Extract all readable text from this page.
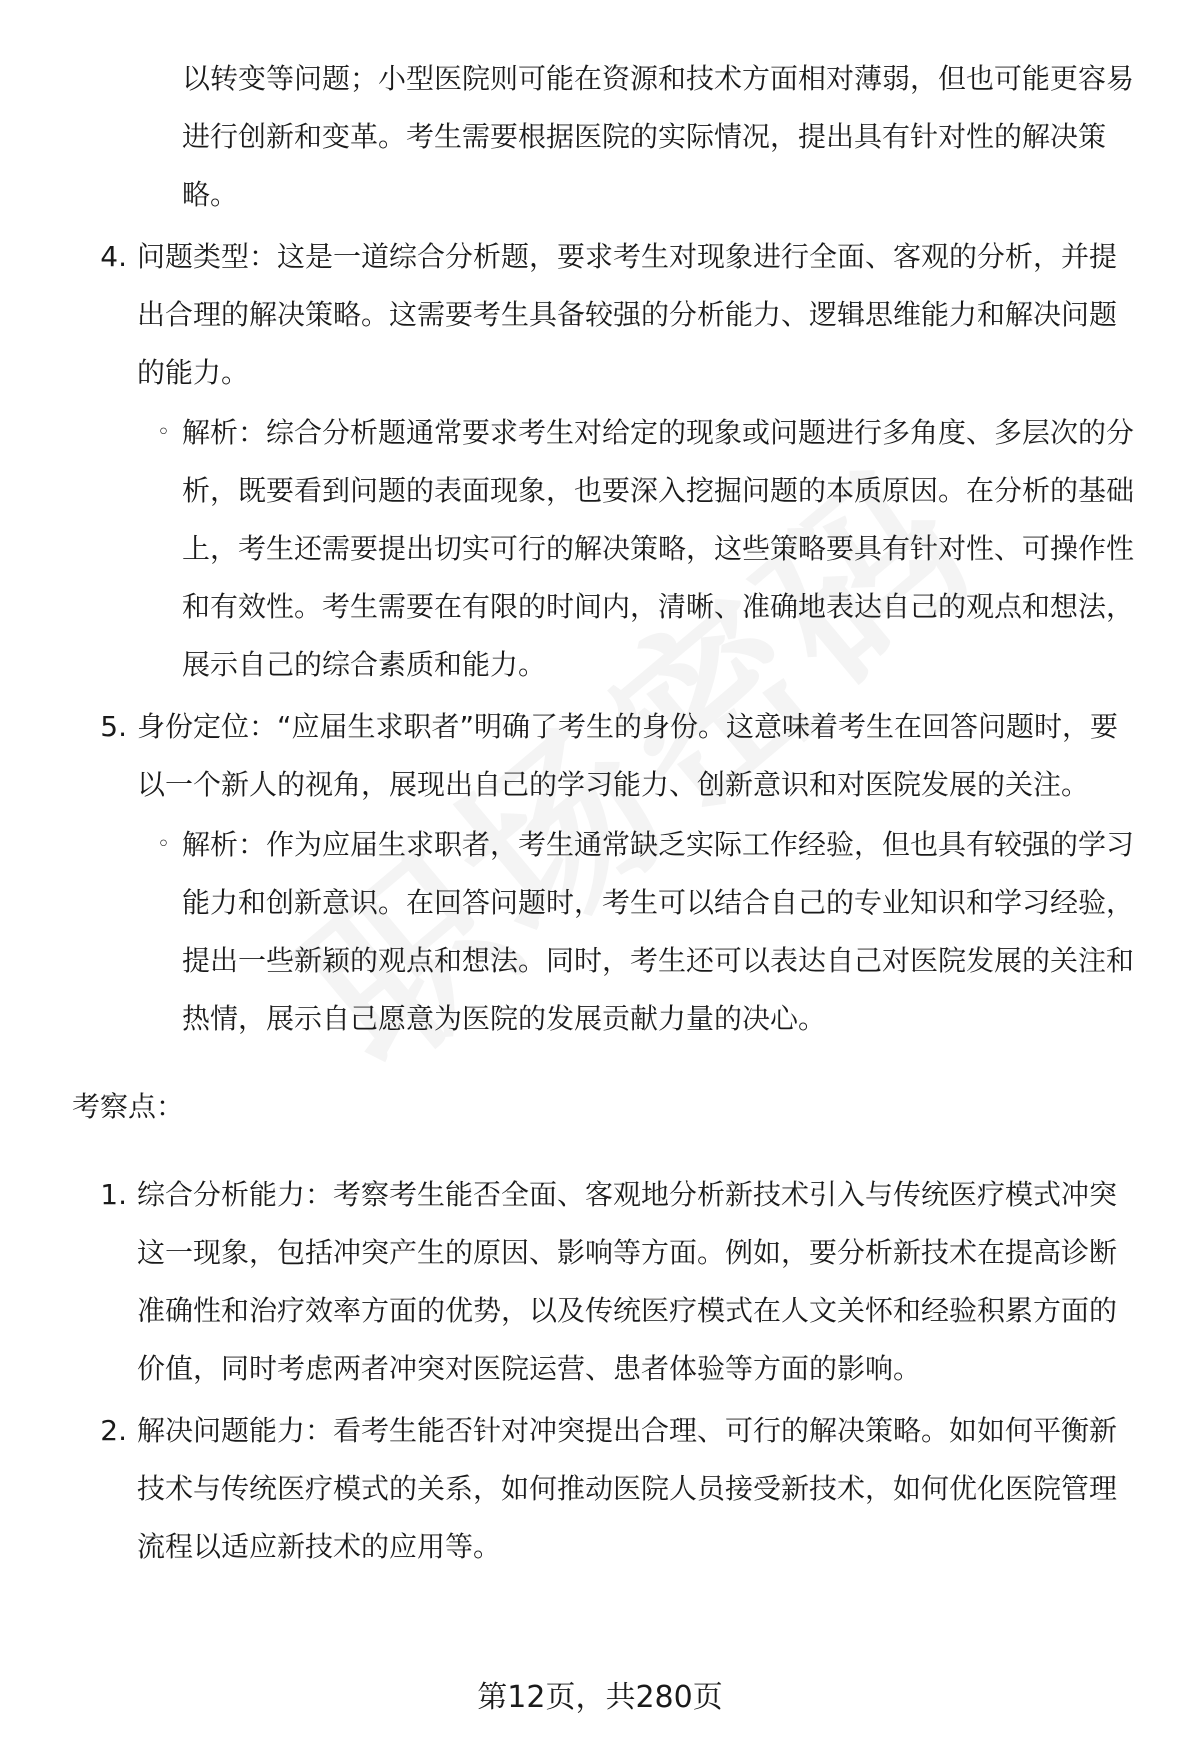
以转变等问题；小型医院则可能在资源和技术方面相对薄弱，但也可能更容易进行创新和变革。考生需要根据医院的实际情况，提出具有针对性的解决策略。

4. 问题类型：这是一道综合分析题，要求考生对现象进行全面、客观的分析，并提出合理的解决策略。这需要考生具备较强的分析能力、逻辑思维能力和解决问题的能力。
◦ 解析：综合分析题通常要求考生对给定的现象或问题进行多角度、多层次的分析，既要看到问题的表面现象，也要深入挖掘问题的本质原因。在分析的基础上，考生还需要提出切实可行的解决策略，这些策略要具有针对性、可操作性和有效性。考生需要在有限的时间内，清晰、准确地表达自己的观点和想法，展示自己的综合素质和能力。
5. 身份定位：“应届生求职者”明确了考生的身份。这意味着考生在回答问题时，要以一个新人的视角，展现出自己的学习能力、创新意识和对医院发展的关注。
◦ 解析：作为应届生求职者，考生通常缺乏实际工作经验，但也具有较强的学习能力和创新意识。在回答问题时，考生可以结合自己的专业知识和学习经验，提出一些新颖的观点和想法。同时，考生还可以表达自己对医院发展的关注和热情，展示自己愿意为医院的发展贡献力量的决心。

考察点：

1. 综合分析能力：考察考生能否全面、客观地分析新技术引入与传统医疗模式冲突这一现象，包括冲突产生的原因、影响等方面。例如，要分析新技术在提高诊断准确性和治疗效率方面的优势，以及传统医疗模式在人文关怀和经验积累方面的价值，同时考虑两者冲突对医院运营、患者体验等方面的影响。
2. 解决问题能力：看考生能否针对冲突提出合理、可行的解决策略。如如何平衡新技术与传统医疗模式的关系，如何推动医院人员接受新技术，如何优化医院管理流程以适应新技术的应用等。
第12页，共280页
